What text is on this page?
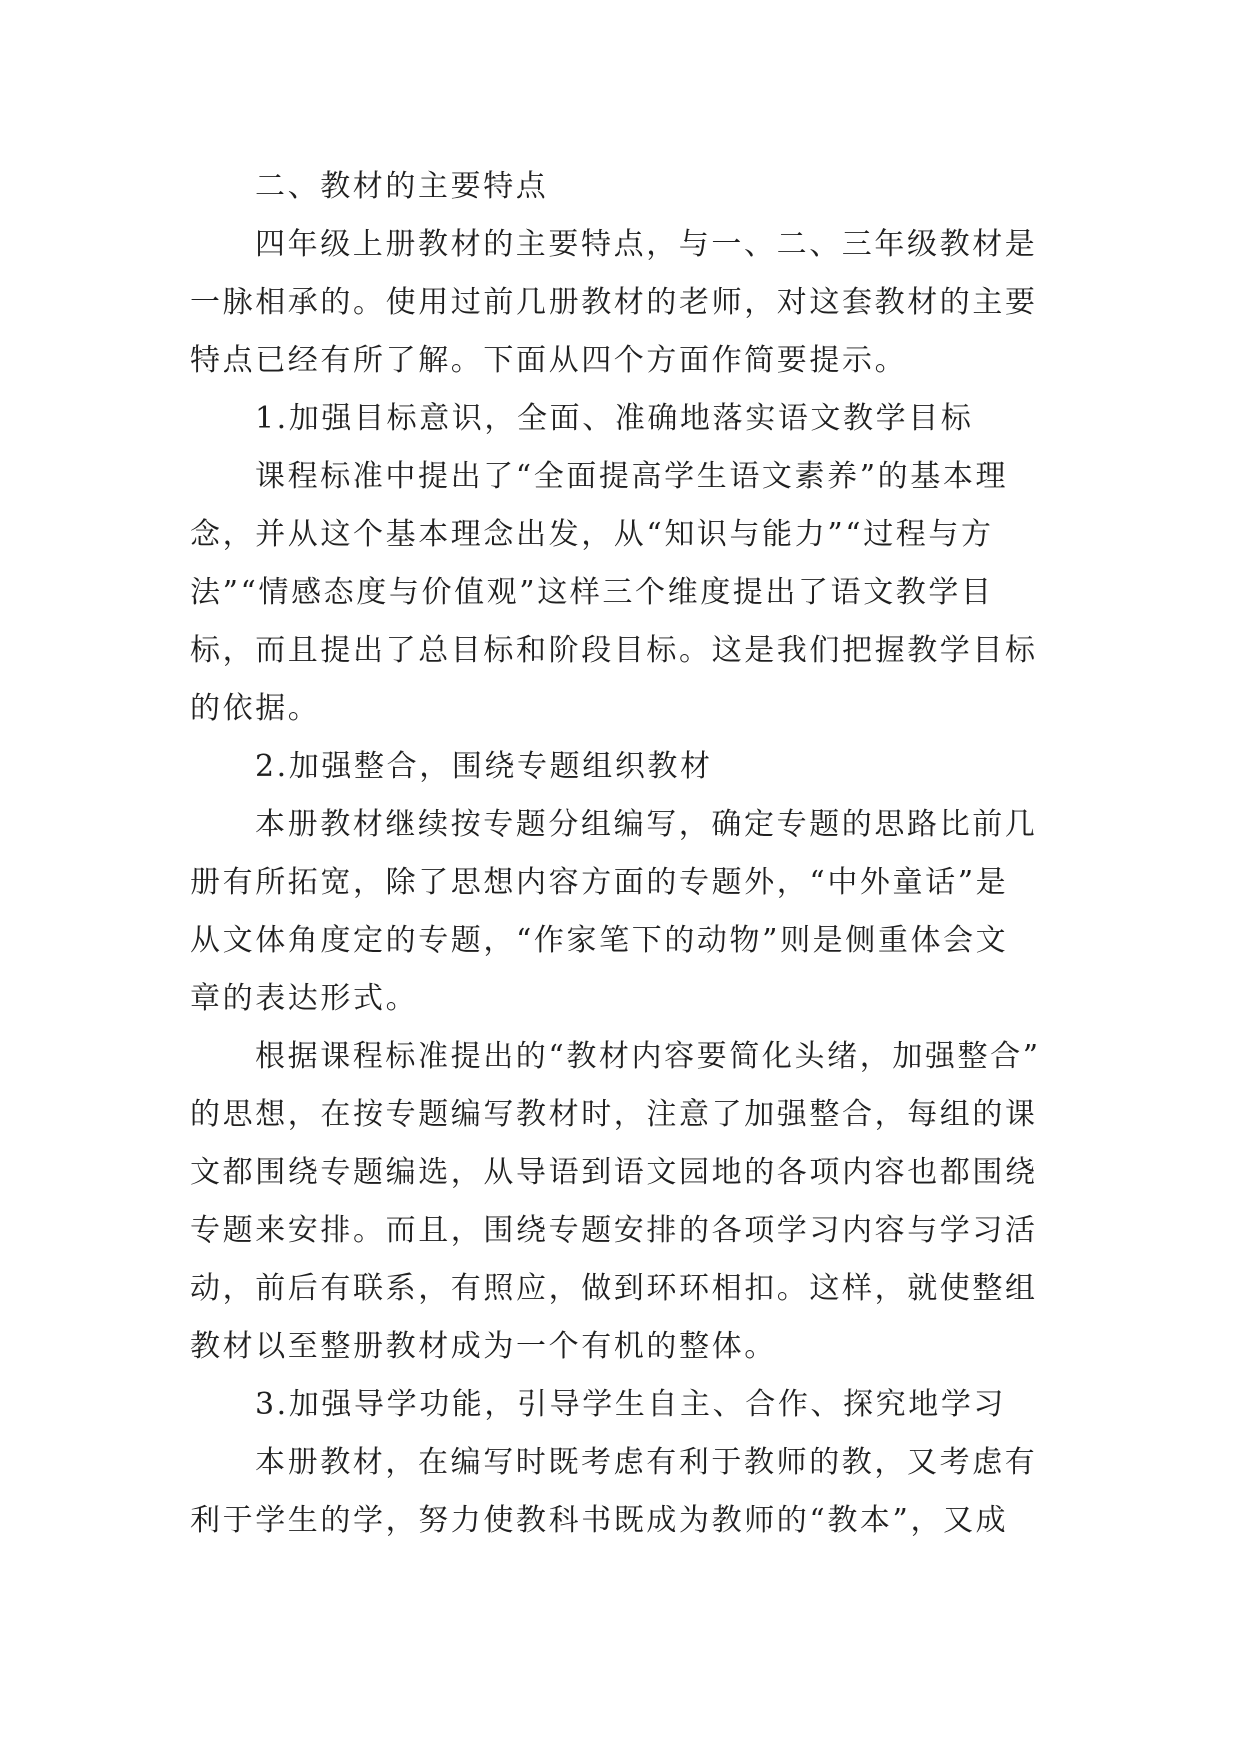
二、教材的主要特点
四年级上册教材的主要特点，与一、二、三年级教材是
一脉相承的。使用过前几册教材的老师，对这套教材的主要
特点已经有所了解。下面从四个方面作简要提示。
1.加强目标意识，全面、准确地落实语文教学目标
课程标准中提出了“全面提高学生语文素养”的基本理
念，并从这个基本理念出发，从“知识与能力”“过程与方
法”“情感态度与价值观”这样三个维度提出了语文教学目
标，而且提出了总目标和阶段目标。这是我们把握教学目标
的依据。
2.加强整合，围绕专题组织教材
本册教材继续按专题分组编写，确定专题的思路比前几
册有所拓宽，除了思想内容方面的专题外，“中外童话”是
从文体角度定的专题，“作家笔下的动物”则是侧重体会文
章的表达形式。
根据课程标准提出的“教材内容要简化头绪，加强整合”
的思想，在按专题编写教材时，注意了加强整合，每组的课
文都围绕专题编选，从导语到语文园地的各项内容也都围绕
专题来安排。而且，围绕专题安排的各项学习内容与学习活
动，前后有联系，有照应，做到环环相扣。这样，就使整组
教材以至整册教材成为一个有机的整体。
3.加强导学功能，引导学生自主、合作、探究地学习
本册教材，在编写时既考虑有利于教师的教，又考虑有
利于学生的学，努力使教科书既成为教师的“教本”，又成
